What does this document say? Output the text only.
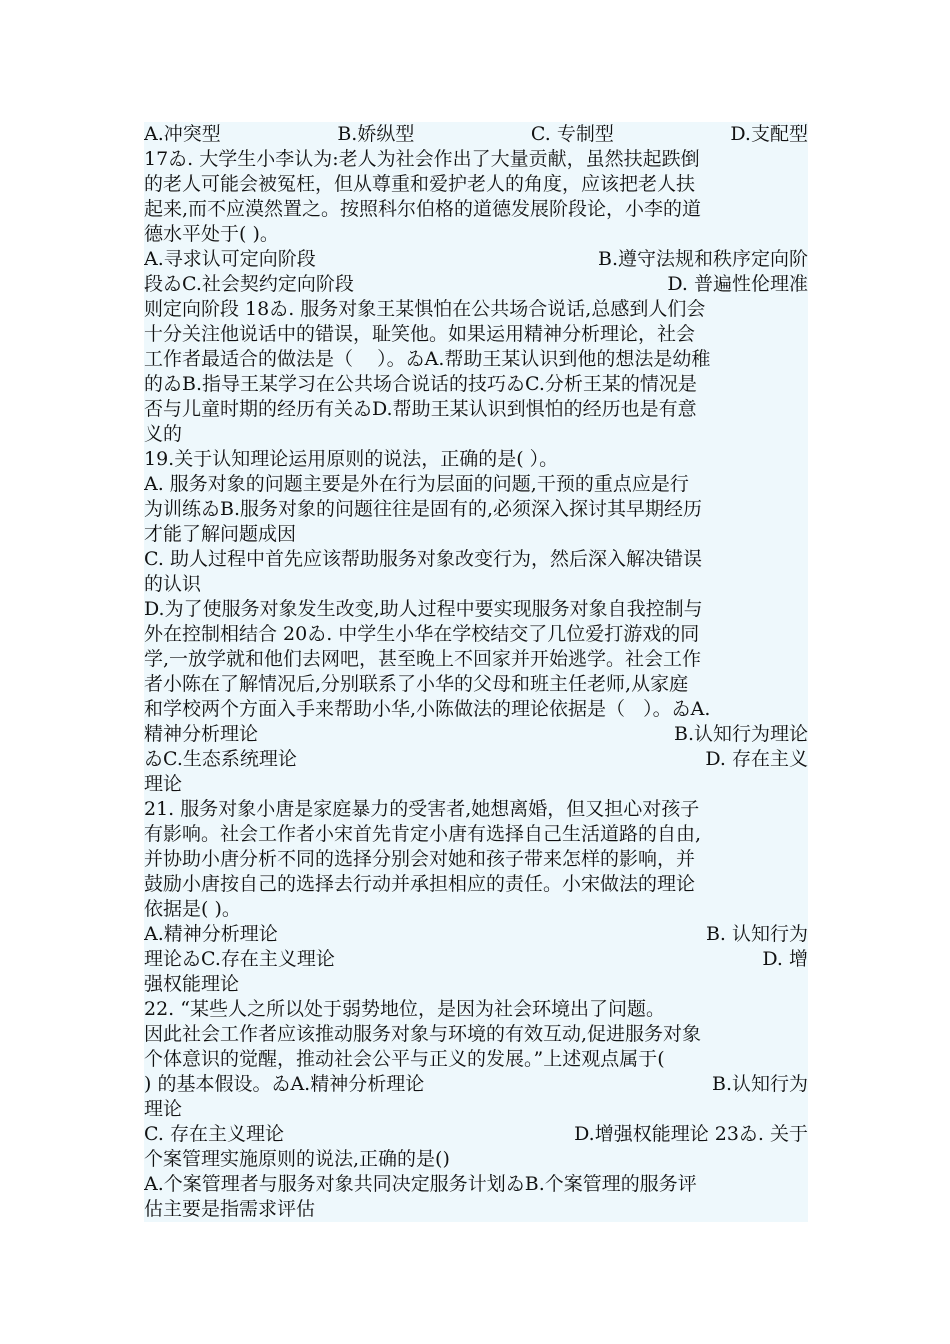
A.冲突型	B.娇纵型	C. 专制型	D.支配型
17ゐ. 大学生小李认为:老人为社会作出了大量贡献，虽然扶起跌倒
的老人可能会被冤枉，但从尊重和爱护老人的角度，应该把老人扶
起来,而不应漠然置之。按照科尔伯格的道德发展阶段论，小李的道
德水平处于( )。
A.寻求认可定向阶段	B.遵守法规和秩序定向阶
段ゐC.社会契约定向阶段	D. 普遍性伦理准
则定向阶段 18ゐ. 服务对象王某惧怕在公共场合说话,总感到人们会
十分关注他说话中的错误，耻笑他。如果运用精神分析理论，社会
工作者最适合的做法是（    ）。ゐA.帮助王某认识到他的想法是幼稚
的ゐB.指导王某学习在公共场合说话的技巧ゐC.分析王某的情况是
否与儿童时期的经历有关ゐD.帮助王某认识到惧怕的经历也是有意
义的
19.关于认知理论运用原则的说法，正确的是( ）。
A. 服务对象的问题主要是外在行为层面的问题,干预的重点应是行
为训练ゐB.服务对象的问题往往是固有的,必须深入探讨其早期经历
才能了解问题成因
C. 助人过程中首先应该帮助服务对象改变行为，然后深入解决错误
的认识
D.为了使服务对象发生改变,助人过程中要实现服务对象自我控制与
外在控制相结合 20ゐ. 中学生小华在学校结交了几位爱打游戏的同
学,一放学就和他们去网吧，甚至晚上不回家并开始逃学。社会工作
者小陈在了解情况后,分别联系了小华的父母和班主任老师,从家庭
和学校两个方面入手来帮助小华,小陈做法的理论依据是（   ）。ゐA.
精神分析理论	B.认知行为理论
ゐC.生态系统理论	D. 存在主义
理论
21. 服务对象小唐是家庭暴力的受害者,她想离婚，但又担心对孩子
有影响。社会工作者小宋首先肯定小唐有选择自己生活道路的自由,
并协助小唐分析不同的选择分别会对她和孩子带来怎样的影响，并
鼓励小唐按自己的选择去行动并承担相应的责任。小宋做法的理论
依据是( )。
A.精神分析理论	B. 认知行为
理论ゐC.存在主义理论	D. 增
强权能理论
22. “某些人之所以处于弱势地位，是因为社会环境出了问题。
因此社会工作者应该推动服务对象与环境的有效互动,促进服务对象
个体意识的觉醒，推动社会公平与正义的发展。”上述观点属于(
) 的基本假设。ゐA.精神分析理论	B.认知行为
理论
C. 存在主义理论	D.增强权能理论 23ゐ. 关于
个案管理实施原则的说法,正确的是()
A.个案管理者与服务对象共同决定服务计划ゐB.个案管理的服务评
估主要是指需求评估
